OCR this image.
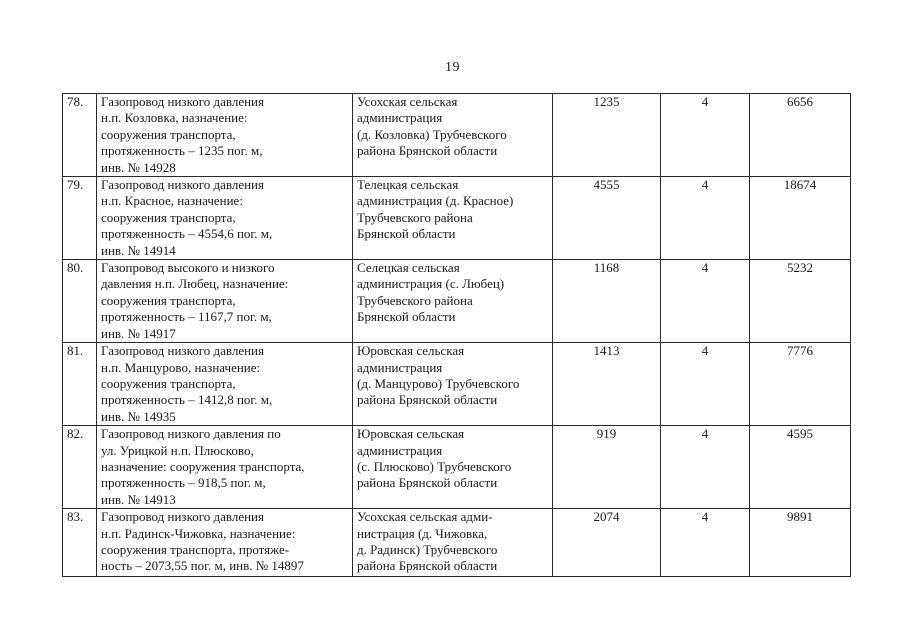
19
78.	Газопровод низкого давления
н.п. Козловка, назначение:
сооружения транспорта,
протяженность – 1235 пог. м,
инв. № 14928	Усохская сельская
администрация
(д. Козловка) Трубчевского
района Брянской области	1235	4	6656
79.	Газопровод низкого давления
н.п. Красное, назначение:
сооружения транспорта,
протяженность – 4554,6 пог. м,
инв. № 14914	Телецкая сельская
администрация (д. Красное)
Трубчевского района
Брянской области	4555	4	18674
80.	Газопровод высокого и низкого
давления н.п. Любец, назначение:
сооружения транспорта,
протяженность – 1167,7 пог. м,
инв. № 14917	Селецкая сельская
администрация (с. Любец)
Трубчевского района
Брянской области	1168	4	5232
81.	Газопровод низкого давления
н.п. Манцурово, назначение:
сооружения транспорта,
протяженность – 1412,8 пог. м,
инв. № 14935	Юровская сельская
администрация
(д. Манцурово) Трубчевского
района Брянской области	1413	4	7776
82.	Газопровод низкого давления по
ул. Урицкой н.п. Плюсково,
назначение: сооружения транспорта,
протяженность – 918,5 пог. м,
инв. № 14913	Юровская сельская
администрация
(с. Плюсково) Трубчевского
района Брянской области	919	4	4595
83.	Газопровод низкого давления
н.п. Радинск-Чижовка, назначение:
сооружения транспорта, протяже-
ность – 2073,55 пог. м, инв. № 14897	Усохская сельская адми-
нистрация (д. Чижовка,
д. Радинск) Трубчевского
района Брянской области	2074	4	9891
